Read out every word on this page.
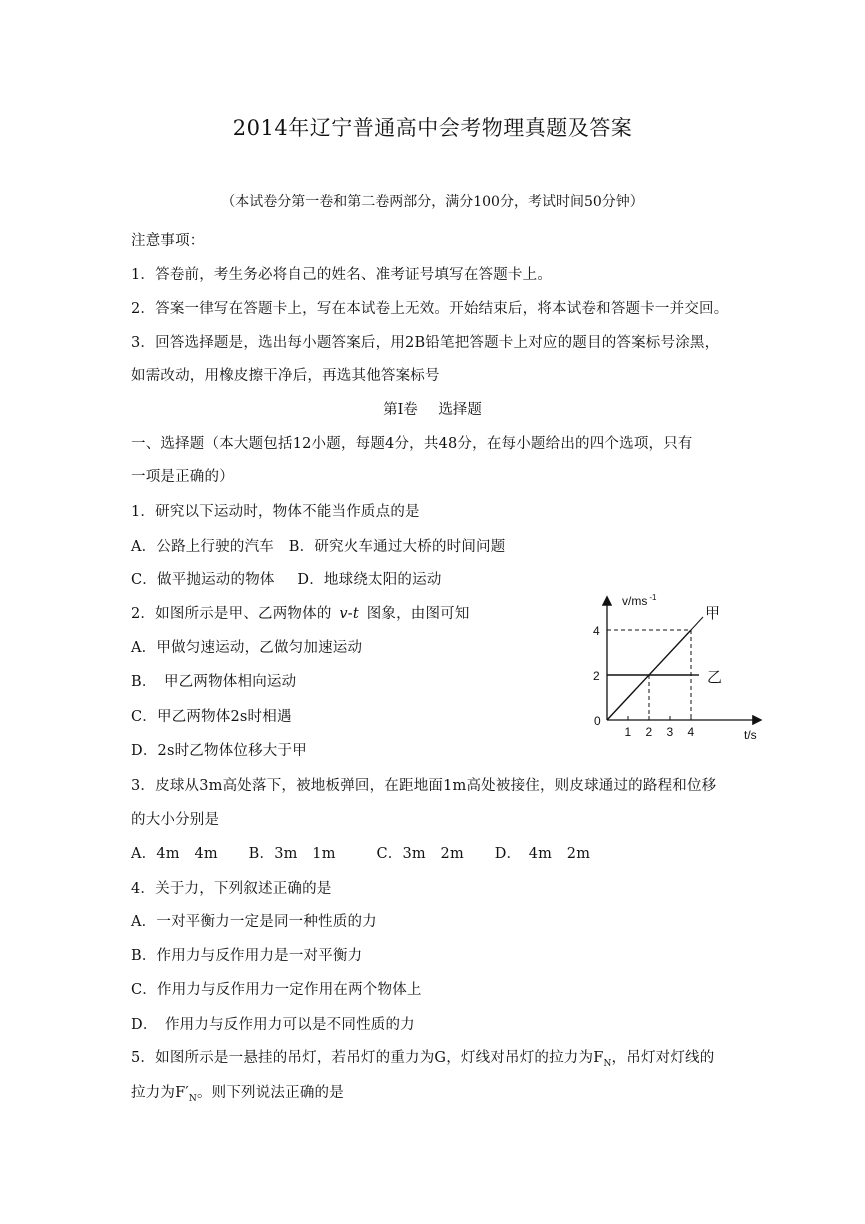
2014年辽宁普通高中会考物理真题及答案
（本试卷分第一卷和第二卷两部分，满分100分，考试时间50分钟）
注意事项：
1．答卷前，考生务必将自己的姓名、准考证号填写在答题卡上。
2．答案一律写在答题卡上，写在本试卷上无效。开始结束后，将本试卷和答题卡一并交回。
3．回答选择题是，选出每小题答案后，用2B铅笔把答题卡上对应的题目的答案标号涂黑，
如需改动，用橡皮擦干净后，再选其他答案标号
第Ⅰ卷 选择题
一、选择题（本大题包括12小题，每题4分，共48分，在每小题给出的四个选项，只有
一项是正确的）
1．研究以下运动时，物体不能当作质点的是
A．公路上行驶的汽车 B．研究火车通过大桥的时间问题
C．做平抛运动的物体 D．地球绕太阳的运动
2．如图所示是甲、乙两物体的 v-t 图象，由图可知
A．甲做匀速运动，乙做匀加速运动
B．　甲乙两物体相向运动
C．甲乙两物体2s时相遇
D．2s时乙物体位移大于甲
甲
乙
1 2 3 4
2
4
v/ms $^{-1}$
t/s
0
3．皮球从3m高处落下，被地板弹回，在距地面1m高处被接住，则皮球通过的路程和位移
的大小分别是
A．4m　4m B．3m　1m	C．3m　2m D．　4m　2m
4．关于力，下列叙述正确的是
A．一对平衡力一定是同一种性质的力
B．作用力与反作用力是一对平衡力
C．作用力与反作用力一定作用在两个物体上
D．　作用力与反作用力可以是不同性质的力
5．如图所示是一悬挂的吊灯，若吊灯的重力为G，灯线对吊灯的拉力为$F_N$，吊灯对灯线的
拉力为$F'_N$。则下列说法正确的是
